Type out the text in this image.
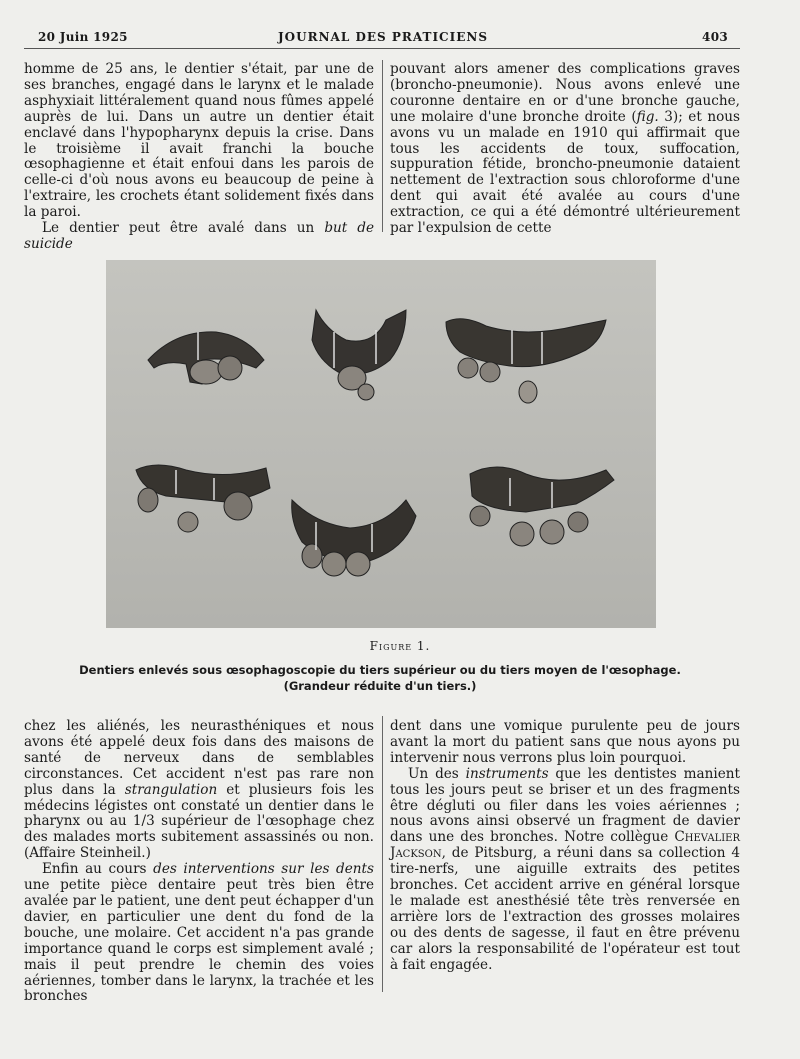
20 Juin 1925	JOURNAL DES PRATICIENS	403

homme de 25 ans, le dentier s'était, par une de ses branches, engagé dans le larynx et le malade asphyxiait littéralement quand nous fûmes appelé auprès de lui. Dans un autre un dentier était enclavé dans l'hypopharynx depuis la crise. Dans le troisième il avait franchi la bouche œsophagienne et était enfoui dans les parois de celle-ci d'où nous avons eu beaucoup de peine à l'extraire, les crochets étant solidement fixés dans la paroi.

Le dentier peut être avalé dans un but de suicide

pouvant alors amener des complications graves (broncho-pneumonie). Nous avons enlevé une couronne dentaire en or d'une bronche gauche, une molaire d'une bronche droite (fig. 3); et nous avons vu un malade en 1910 qui affirmait que tous les accidents de toux, suffocation, suppuration fétide, broncho-pneumonie dataient nettement de l'extraction sous chloroforme d'une dent qui avait été avalée au cours d'une extraction, ce qui a été démontré ultérieurement par l'expulsion de cette

Figure 1.
Dentiers enlevés sous œsophagoscopie du tiers supérieur ou du tiers moyen de l'œsophage.
(Grandeur réduite d'un tiers.)

chez les aliénés, les neurasthéniques et nous avons été appelé deux fois dans des maisons de santé de nerveux dans de semblables circonstances. Cet accident n'est pas rare non plus dans la strangulation et plusieurs fois les médecins légistes ont constaté un dentier dans le pharynx ou au 1/3 supérieur de l'œsophage chez des malades morts subitement assassinés ou non. (Affaire Steinheil.)

Enfin au cours des interventions sur les dents une petite pièce dentaire peut très bien être avalée par le patient, une dent peut échapper d'un davier, en particulier une dent du fond de la bouche, une molaire. Cet accident n'a pas grande importance quand le corps est simplement avalé ; mais il peut prendre le chemin des voies aériennes, tomber dans le larynx, la trachée et les bronches

dent dans une vomique purulente peu de jours avant la mort du patient sans que nous ayons pu intervenir nous verrons plus loin pourquoi.

Un des instruments que les dentistes manient tous les jours peut se briser et un des fragments être dégluti ou filer dans les voies aériennes ; nous avons ainsi observé un fragment de davier dans une des bronches. Notre collègue Chevalier Jackson, de Pitsburg, a réuni dans sa collection 4 tire-nerfs, une aiguille extraits des petites bronches. Cet accident arrive en général lorsque le malade est anesthésié tête très renversée en arrière lors de l'extraction des grosses molaires ou des dents de sagesse, il faut en être prévenu car alors la responsabilité de l'opérateur est tout à fait engagée.
